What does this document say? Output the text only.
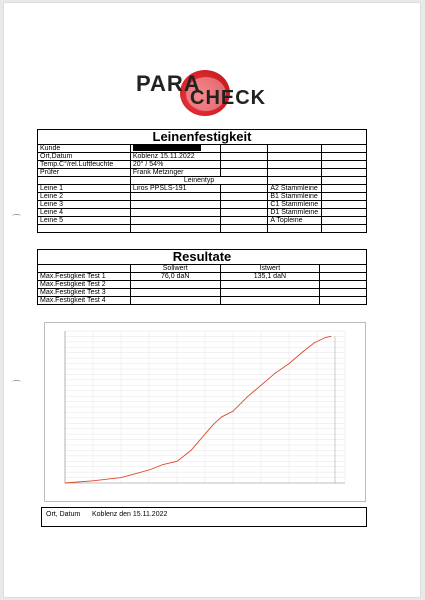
PARA
CHECK
Leinenfestigkeit				
Kunde				
Ort,Datum	Koblenz 15.11.2022			
Temp.C°/rel.Luftfeuchte	20° / 54%			
Prüfer	Frank Metzinger			
	Leinentyp			
Leine 1	Liros PPSLS-191		A2 Stammleine	
Leine 2			B1 Stammleine	
Leine 3			C1 Stammleine	
Leine 4			D1 Stammleine	
Leine 5			A Topleine	

Resultate			
	Sollwert	Istwert	
Max.Festigkeit Test 1	76,0 daN	135,1 daN	
Max.Festigkeit Test 2			
Max.Festigkeit Test 3			
Max.Festigkeit Test 4			
Ort, Datum Koblenz den 15.11.2022
⌒
⌒
